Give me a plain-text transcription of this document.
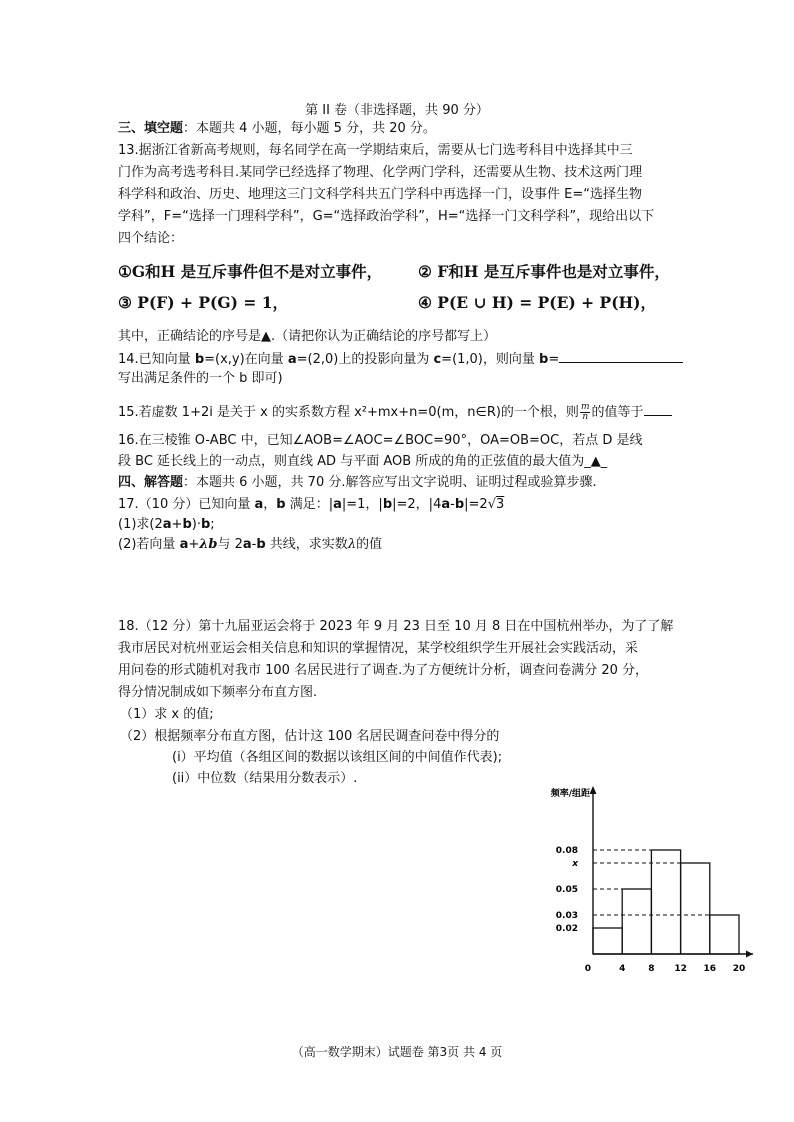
第 II 卷（非选择题，共 90 分）
三、填空题：本题共 4 小题，每小题 5 分，共 20 分。
13.据浙江省新高考规则，每名同学在高一学期结束后，需要从七门选考科目中选择其中三
门作为高考选考科目.某同学已经选择了物理、化学两门学科，还需要从生物、技术这两门理
科学科和政治、历史、地理这三门文科学科共五门学科中再选择一门，设事件 E=“选择生物
学科”，F=“选择一门理科学科”，G=“选择政治学科”，H=“选择一门文科学科”，现给出以下
四个结论：
①G和H 是互斥事件但不是对立事件， ② F和H 是互斥事件也是对立事件，
③ P(F) + P(G) = 1，	④ P(E ∪ H) = P(E) + P(H)，
其中，正确结论的序号是▲.（请把你认为正确结论的序号都写上）
14.已知向量 b=(x,y)在向量 a=(2,0)上的投影向量为 c=(1,0)，则向量 b=
写出满足条件的一个 b 即可)
15.若虚数 1+2i 是关于 x 的实系数方程 x²+mx+n=0(m，n∈R)的一个根，则 $\frac{m}{n}$ 的值等于
16.在三棱锥 O-ABC 中，已知∠AOB=∠AOC=∠BOC=90°，OA=OB=OC，若点 D 是线
段 BC 延长线上的一动点，则直线 AD 与平面 AOB 所成的角的正弦值的最大值为_▲_
四、解答题：本题共 6 小题，共 70 分.解答应写出文字说明、证明过程或验算步骤.
17.（10 分）已知向量 a，b 满足：|a|=1，|b|=2，|4a-b|=2√3
(1)求(2a+b)·b;
(2)若向量 a+λb与 2a-b 共线，求实数λ的值
18.（12 分）第十九届亚运会将于 2023 年 9 月 23 日至 10 月 8 日在中国杭州举办，为了了解
我市居民对杭州亚运会相关信息和知识的掌握情况，某学校组织学生开展社会实践活动，采
用问卷的形式随机对我市 100 名居民进行了调查.为了方便统计分析，调查问卷满分 20 分，
得分情况制成如下频率分布直方图.
（1）求 x 的值;
（2）根据频率分布直方图，估计这 100 名居民调查问卷中得分的
(i）平均值（各组区间的数据以该组区间的中间值作代表);
(ii）中位数（结果用分数表示）.
频率/组距
0.08
x
0.05
0.03
0.02
0	4	8 12 16 20
（高一数学期末）试题卷 第3页 共 4 页
